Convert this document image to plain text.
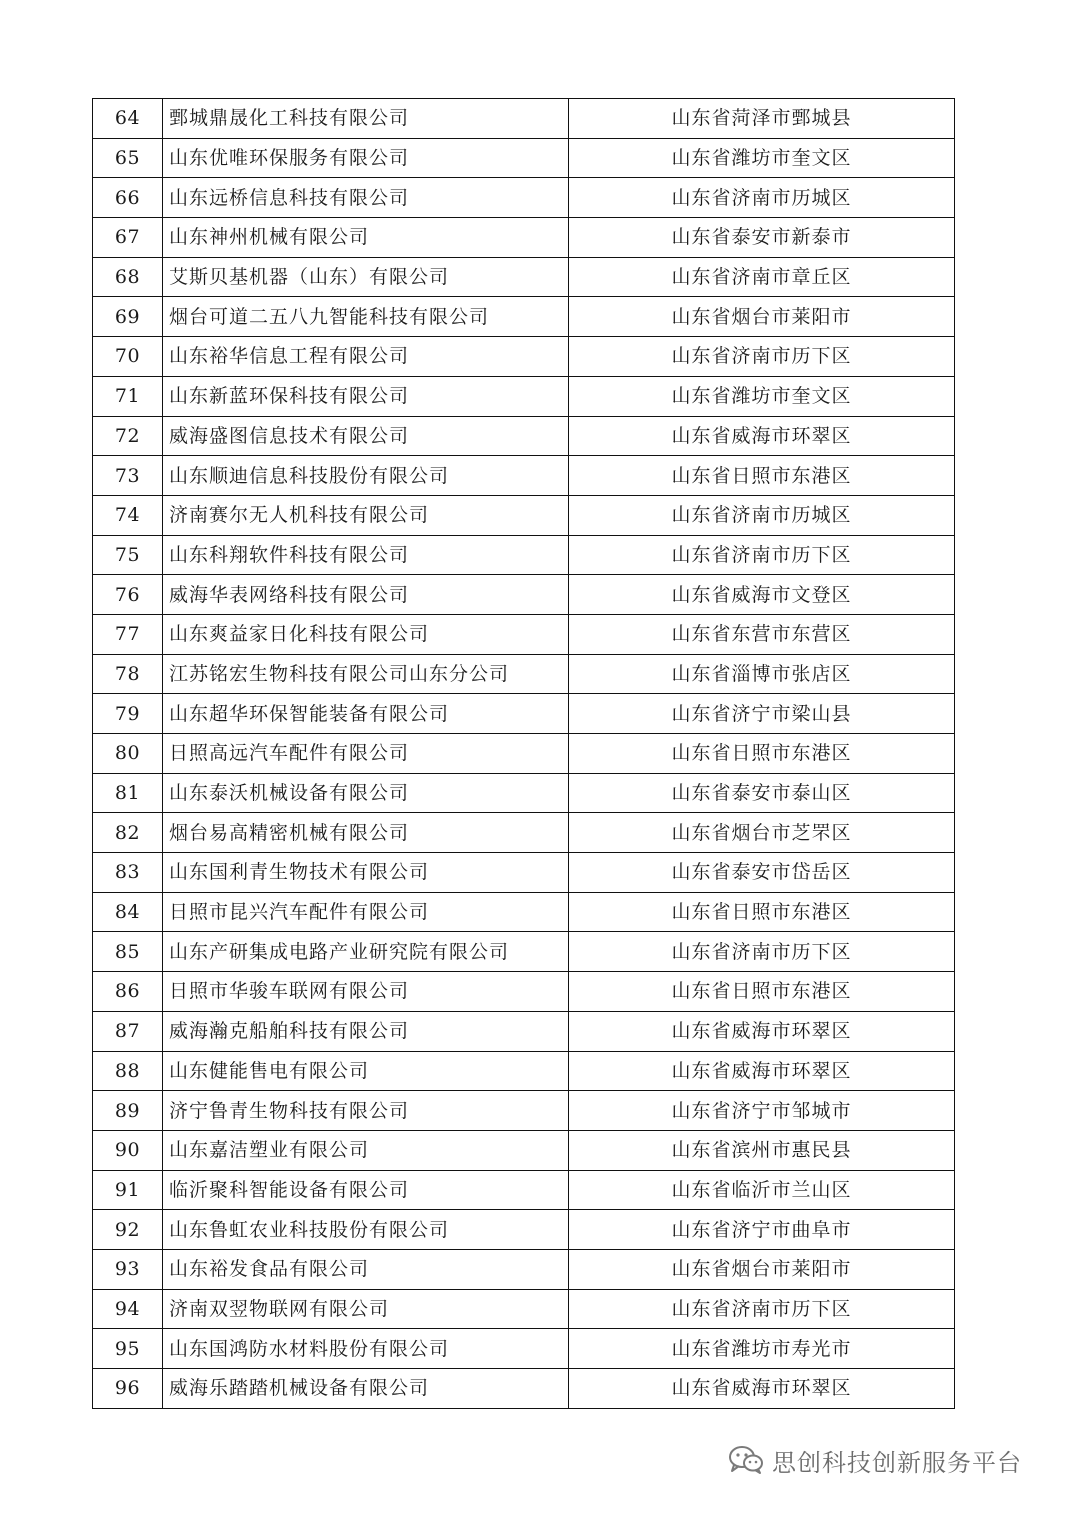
64	鄄城鼎晟化工科技有限公司	山东省菏泽市鄄城县
65	山东优唯环保服务有限公司	山东省潍坊市奎文区
66	山东远桥信息科技有限公司	山东省济南市历城区
67	山东神州机械有限公司	山东省泰安市新泰市
68	艾斯贝基机器（山东）有限公司	山东省济南市章丘区
69	烟台可道二五八九智能科技有限公司	山东省烟台市莱阳市
70	山东裕华信息工程有限公司	山东省济南市历下区
71	山东新蓝环保科技有限公司	山东省潍坊市奎文区
72	威海盛图信息技术有限公司	山东省威海市环翠区
73	山东顺迪信息科技股份有限公司	山东省日照市东港区
74	济南赛尔无人机科技有限公司	山东省济南市历城区
75	山东科翔软件科技有限公司	山东省济南市历下区
76	威海华表网络科技有限公司	山东省威海市文登区
77	山东爽益家日化科技有限公司	山东省东营市东营区
78	江苏铭宏生物科技有限公司山东分公司	山东省淄博市张店区
79	山东超华环保智能装备有限公司	山东省济宁市梁山县
80	日照高远汽车配件有限公司	山东省日照市东港区
81	山东泰沃机械设备有限公司	山东省泰安市泰山区
82	烟台易高精密机械有限公司	山东省烟台市芝罘区
83	山东国利青生物技术有限公司	山东省泰安市岱岳区
84	日照市昆兴汽车配件有限公司	山东省日照市东港区
85	山东产研集成电路产业研究院有限公司	山东省济南市历下区
86	日照市华骏车联网有限公司	山东省日照市东港区
87	威海瀚克船舶科技有限公司	山东省威海市环翠区
88	山东健能售电有限公司	山东省威海市环翠区
89	济宁鲁青生物科技有限公司	山东省济宁市邹城市
90	山东嘉洁塑业有限公司	山东省滨州市惠民县
91	临沂聚科智能设备有限公司	山东省临沂市兰山区
92	山东鲁虹农业科技股份有限公司	山东省济宁市曲阜市
93	山东裕发食品有限公司	山东省烟台市莱阳市
94	济南双翌物联网有限公司	山东省济南市历下区
95	山东国鸿防水材料股份有限公司	山东省潍坊市寿光市
96	威海乐踏踏机械设备有限公司	山东省威海市环翠区
思创科技创新服务平台
